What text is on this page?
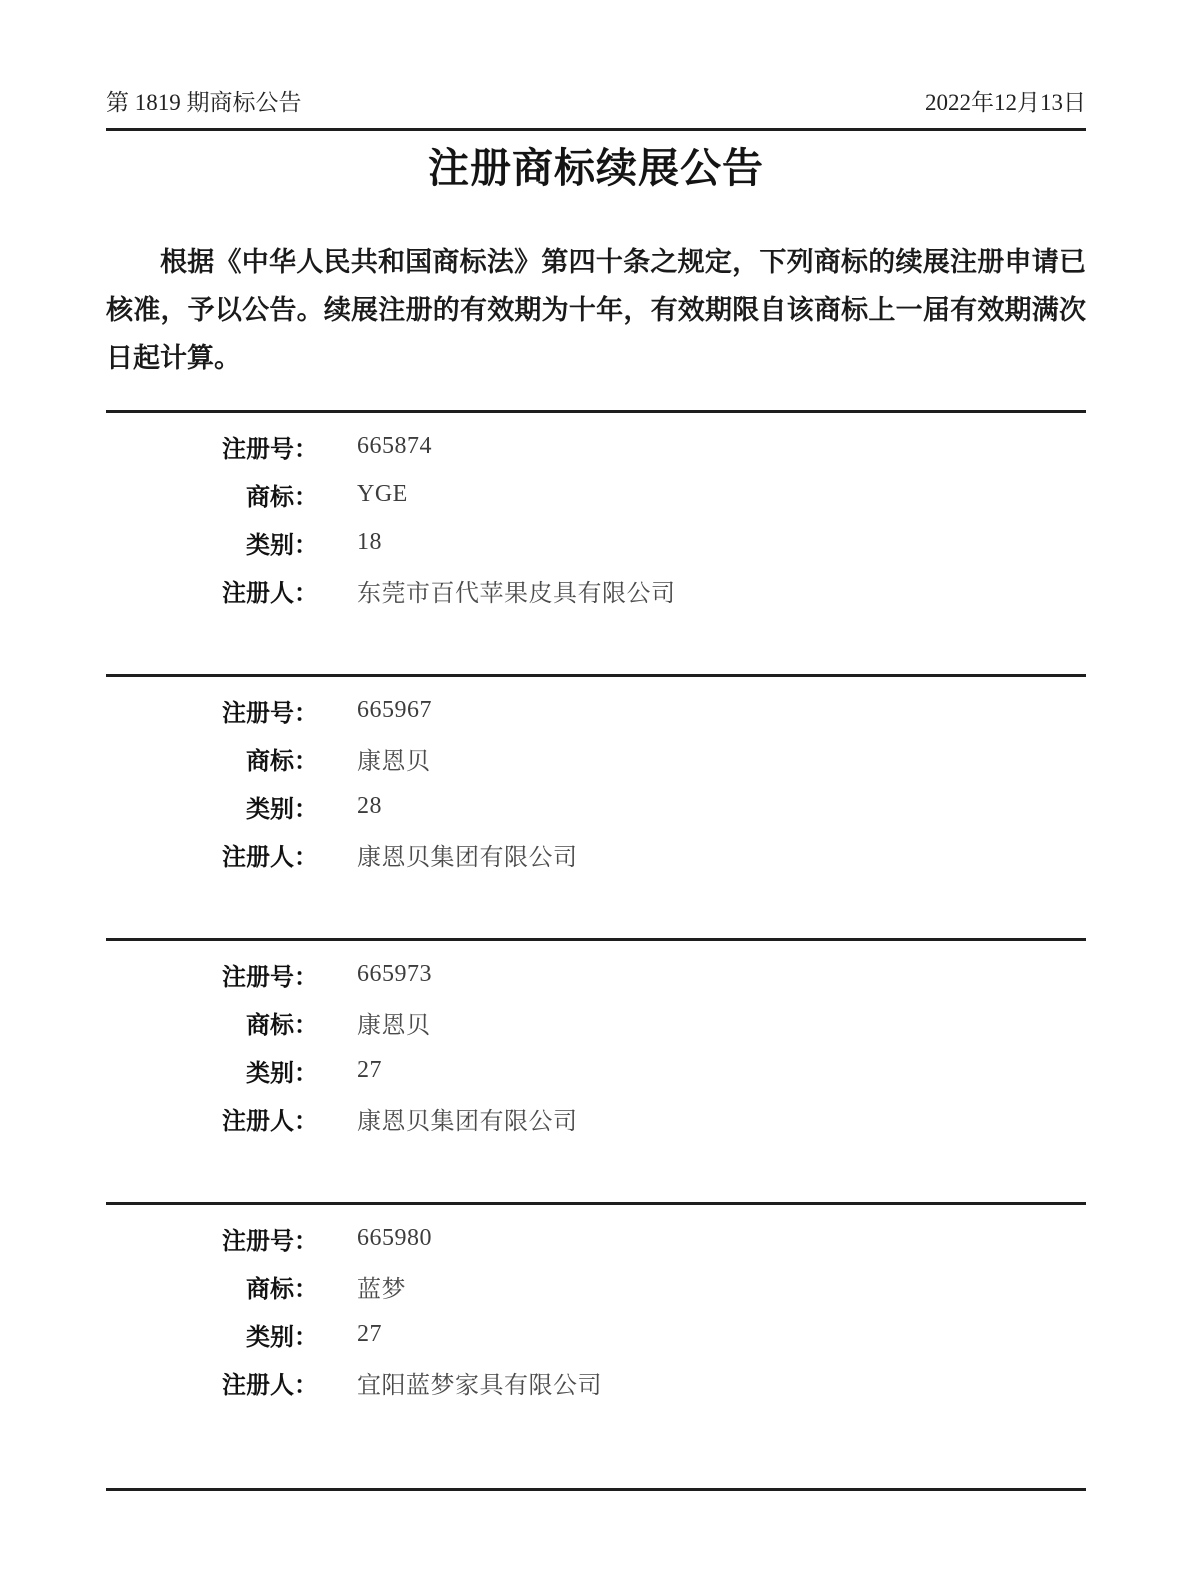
第 1819 期商标公告	2022年12月13日
注册商标续展公告

根据《中华人民共和国商标法》第四十条之规定，下列商标的续展注册申请已核准，予以公告。续展注册的有效期为十年，有效期限自该商标上一届有效期满次日起计算。

注册号： 665874
商标： YGE
类别： 18
注册人： 东莞市百代苹果皮具有限公司
注册号： 665967
商标： 康恩贝
类别： 28
注册人： 康恩贝集团有限公司
注册号： 665973
商标： 康恩贝
类别： 27
注册人： 康恩贝集团有限公司
注册号： 665980
商标： 蓝梦
类别： 27
注册人： 宜阳蓝梦家具有限公司
